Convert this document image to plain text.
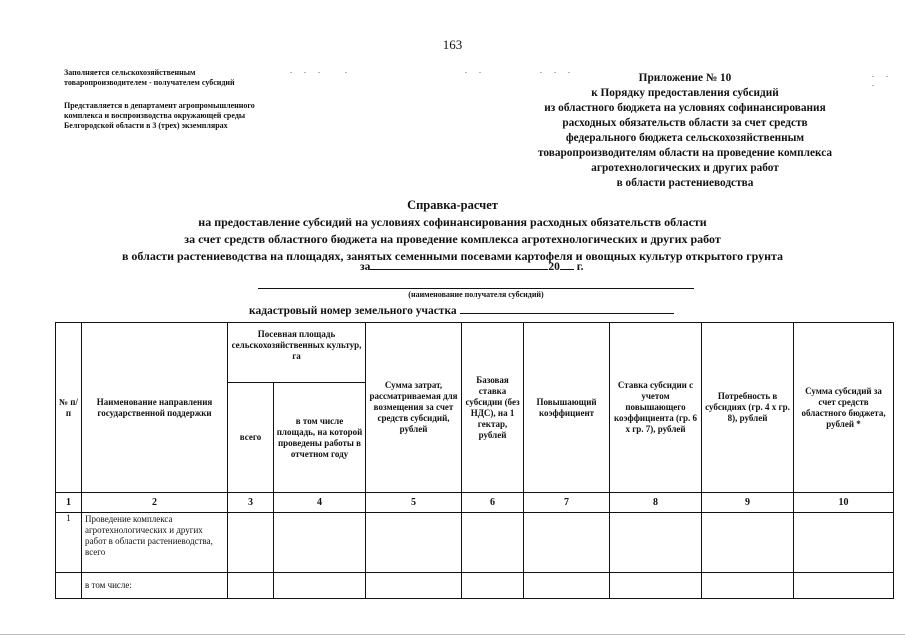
163
Заполняется сельскохозяйственным
товаропроизводителем - получателем субсидий
Представляется в департамент агропромышленного
комплекса и воспроизводства окружающей среды
Белгородской области в 3 (трех) экземплярах
. . .	.	. .	. . .	. . .
Приложение № 10
к Порядку предоставления субсидий
из областного бюджета на условиях софинансирования
расходных обязательств области за счет средств
федерального бюджета сельскохозяйственным
товаропроизводителям области на проведение комплекса
агротехнологических и других работ
в области растениеводства
Справка-расчет
на предоставление субсидий на условиях софинансирования расходных обязательств области
за счет средств областного бюджета на проведение комплекса агротехнологических и других работ
в области растениеводства на площадях, занятых семенными посевами картофеля и овощных культур открытого грунта
за	20 г.
(наименование получателя субсидий)
кадастровый номер земельного участка
№ п/п	Наименование направления государственной поддержки	Посевная площадь сельскохозяйственных культур, га		Сумма затрат, рассматриваемая для возмещения за счет средств субсидий, рублей	Базовая ставка субсидии (без НДС), на 1 гектар, рублей	Повышающий коэффициент	Ставка субсидии с учетом повышающего коэффициента (гр. 6 x гр. 7), рублей	Потребность в субсидиях (гр. 4 x гр. 8), рублей	Сумма субсидий за счет средств областного бюджета, рублей *
		всего	в том числе площадь, на которой проведены работы в отчетном году						
1	2	3	4	5	6	7	8	9	10
1	Проведение комплекса агротехнологических и других работ в области растениеводства, всего								
	в том числе:								
